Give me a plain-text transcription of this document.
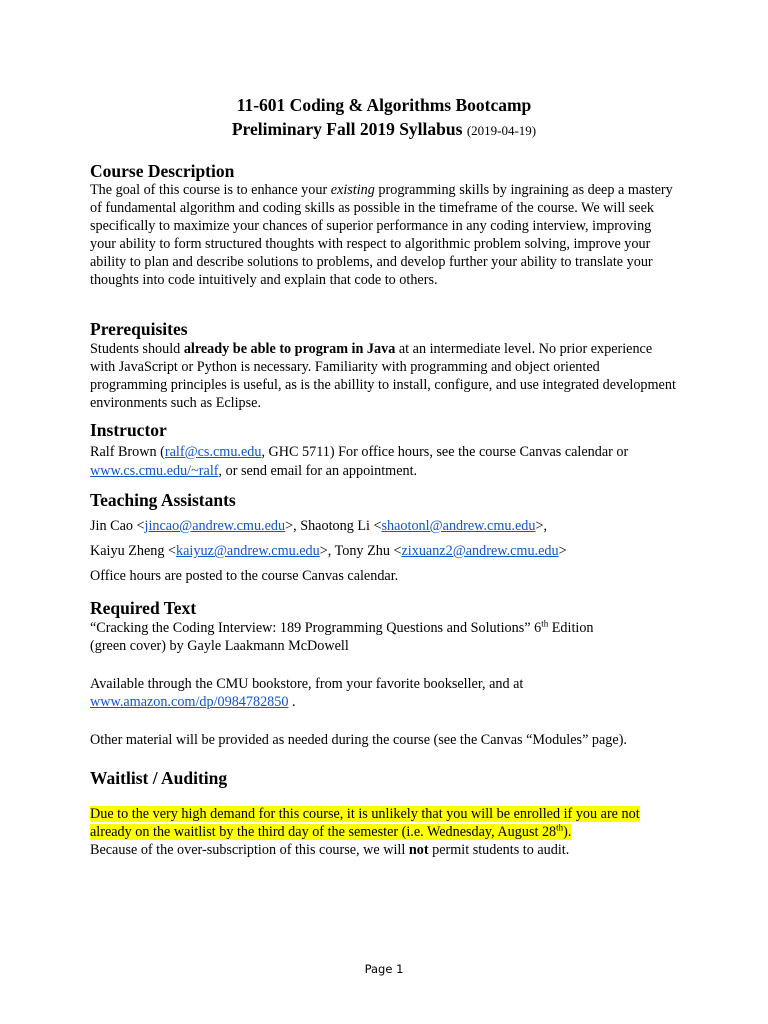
11-601 Coding & Algorithms Bootcamp
Preliminary Fall 2019 Syllabus (2019-04-19)
Course Description
The goal of this course is to enhance your existing programming skills by ingraining as deep a mastery of fundamental algorithm and coding skills as possible in the timeframe of the course. We will seek specifically to maximize your chances of superior performance in any coding interview, improving your ability to form structured thoughts with respect to algorithmic problem solving, improve your ability to plan and describe solutions to problems, and develop further your ability to translate your thoughts into code intuitively and explain that code to others.
Prerequisites
Students should already be able to program in Java at an intermediate level. No prior experience with JavaScript or Python is necessary. Familiarity with programming and object oriented programming principles is useful, as is the abillity to install, configure, and use integrated development environments such as Eclipse.
Instructor
Ralf Brown (ralf@cs.cmu.edu, GHC 5711) For office hours, see the course Canvas calendar or
www.cs.cmu.edu/~ralf, or send email for an appointment.
Teaching Assistants
Jin Cao <jincao@andrew.cmu.edu>, Shaotong Li <shaotonl@andrew.cmu.edu>,
Kaiyu Zheng <kaiyuz@andrew.cmu.edu>, Tony Zhu <zixuanz2@andrew.cmu.edu>
Office hours are posted to the course Canvas calendar.
Required Text
“Cracking the Coding Interview: 189 Programming Questions and Solutions” 6th Edition
(green cover) by Gayle Laakmann McDowell
Available through the CMU bookstore, from your favorite bookseller, and at
www.amazon.com/dp/0984782850 .
Other material will be provided as needed during the course (see the Canvas “Modules” page).
Waitlist / Auditing
Due to the very high demand for this course, it is unlikely that you will be enrolled if you are not
already on the waitlist by the third day of the semester (i.e. Wednesday, August 28th).
Because of the over-subscription of this course, we will not permit students to audit.
Page 1
